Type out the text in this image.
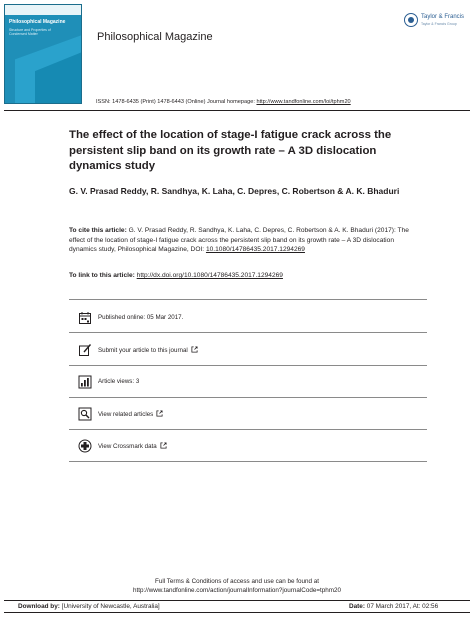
Philosophical Magazine
Structure and Properties of Condensed Matter	Philosophical Magazine
Taylor & Francis
Taylor & Francis Group
ISSN: 1478-6435 (Print) 1478-6443 (Online) Journal homepage: http://www.tandfonline.com/loi/tphm20
The effect of the location of stage-I fatigue crack across the persistent slip band on its growth rate – A 3D dislocation dynamics study
G. V. Prasad Reddy, R. Sandhya, K. Laha, C. Depres, C. Robertson & A. K. Bhaduri
To cite this article: G. V. Prasad Reddy, R. Sandhya, K. Laha, C. Depres, C. Robertson & A. K. Bhaduri (2017): The effect of the location of stage-I fatigue crack across the persistent slip band on its growth rate – A 3D dislocation dynamics study, Philosophical Magazine, DOI: 10.1080/14786435.2017.1294269
To link to this article: http://dx.doi.org/10.1080/14786435.2017.1294269
Published online: 05 Mar 2017.
Submit your article to this journal
Article views: 3
View related articles
View Crossmark data
Full Terms & Conditions of access and use can be found at
http://www.tandfonline.com/action/journalInformation?journalCode=tphm20
Download by: [University of Newcastle, Australia]	Date: 07 March 2017, At: 02:56
